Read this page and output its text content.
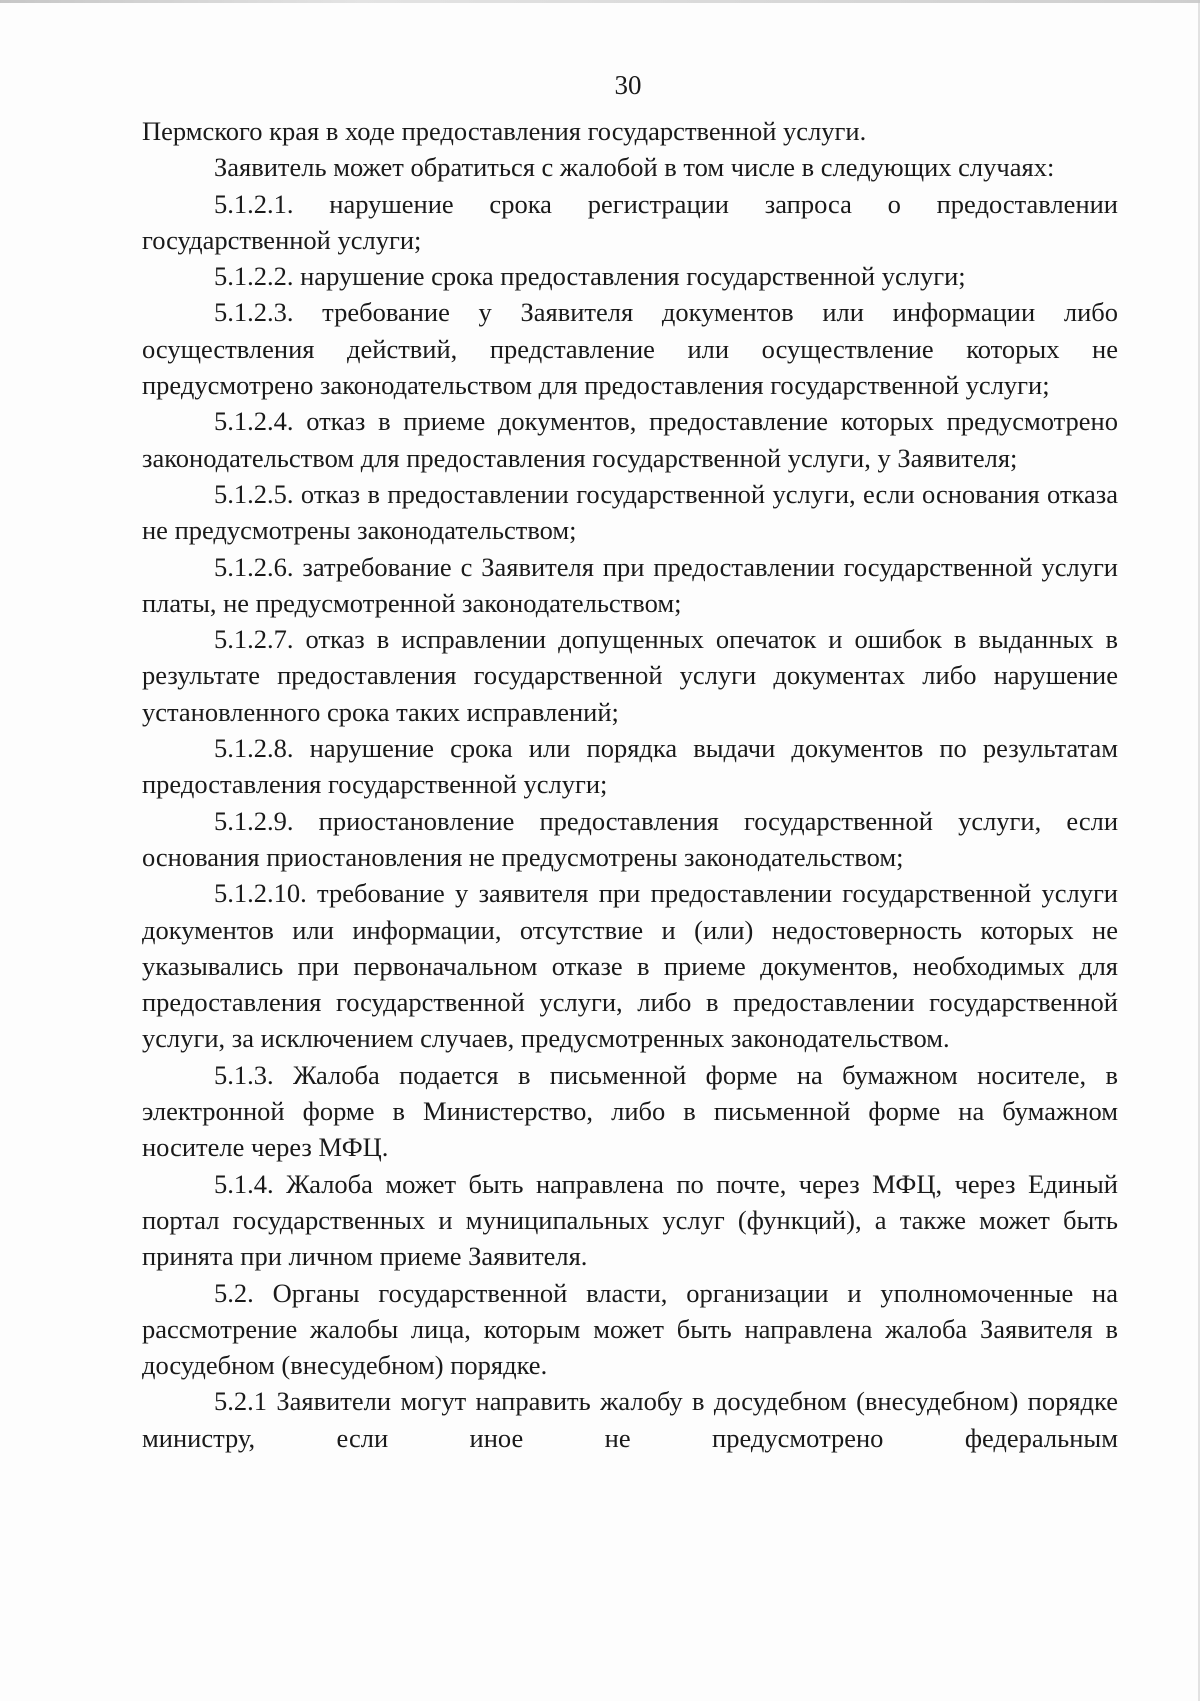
30

Пермского края в ходе предоставления государственной услуги.

Заявитель может обратиться с жалобой в том числе в следующих случаях:

5.1.2.1. нарушение срока регистрации запроса о предоставлении государственной услуги;

5.1.2.2. нарушение срока предоставления государственной услуги;

5.1.2.3. требование у Заявителя документов или информации либо осуществления действий, представление или осуществление которых не предусмотрено законодательством для предоставления государственной услуги;

5.1.2.4. отказ в приеме документов, предоставление которых предусмотрено законодательством для предоставления государственной услуги, у Заявителя;

5.1.2.5. отказ в предоставлении государственной услуги, если основания отказа не предусмотрены законодательством;

5.1.2.6. затребование с Заявителя при предоставлении государственной услуги платы, не предусмотренной законодательством;

5.1.2.7. отказ в исправлении допущенных опечаток и ошибок в выданных в результате предоставления государственной услуги документах либо нарушение установленного срока таких исправлений;

5.1.2.8. нарушение срока или порядка выдачи документов по результатам предоставления государственной услуги;

5.1.2.9. приостановление предоставления государственной услуги, если основания приостановления не предусмотрены законодательством;

5.1.2.10. требование у заявителя при предоставлении государственной услуги документов или информации, отсутствие и (или) недостоверность которых не указывались при первоначальном отказе в приеме документов, необходимых для предоставления государственной услуги, либо в предоставлении государственной услуги, за исключением случаев, предусмотренных законодательством.

5.1.3. Жалоба подается в письменной форме на бумажном носителе, в электронной форме в Министерство, либо в письменной форме на бумажном носителе через МФЦ.

5.1.4. Жалоба может быть направлена по почте, через МФЦ, через Единый портал государственных и муниципальных услуг (функций), а также может быть принята при личном приеме Заявителя.

5.2. Органы государственной власти, организации и уполномоченные на рассмотрение жалобы лица, которым может быть направлена жалоба Заявителя в досудебном (внесудебном) порядке.

5.2.1 Заявители могут направить жалобу в досудебном (внесудебном) порядке министру, если иное не предусмотрено федеральным
